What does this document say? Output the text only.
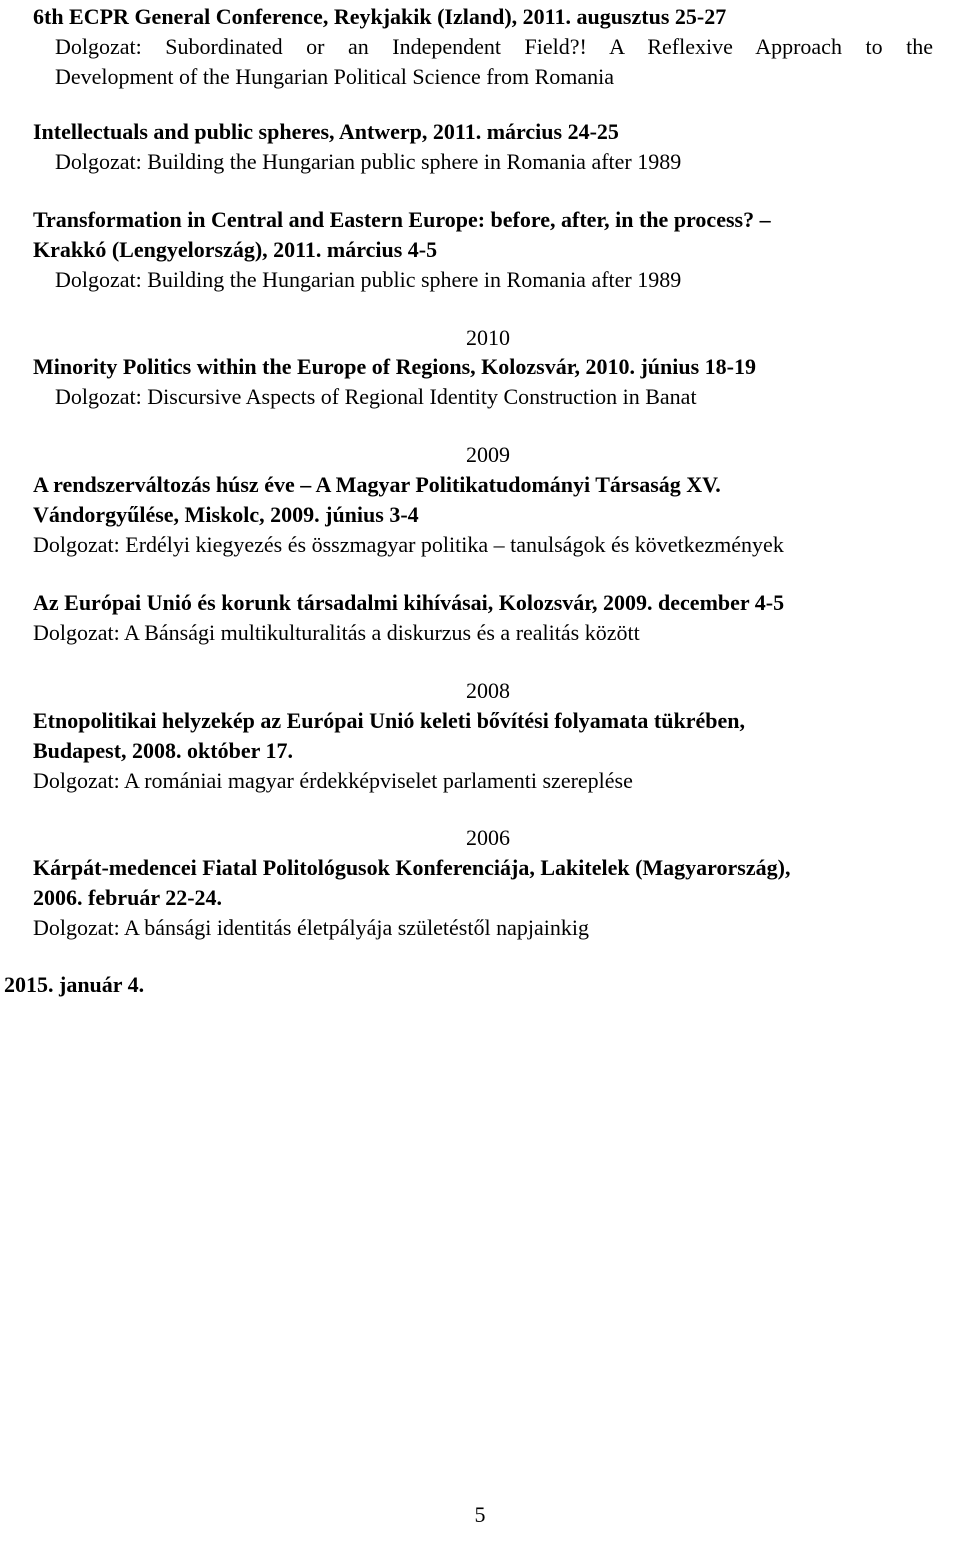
6th ECPR General Conference, Reykjakik (Izland), 2011. augusztus 25-27
Dolgozat: Subordinated or an Independent Field?! A Reflexive Approach to the
Development of the Hungarian Political Science from Romania
Intellectuals and public spheres, Antwerp, 2011. március 24-25
Dolgozat: Building the Hungarian public sphere in Romania after 1989
Transformation in Central and Eastern Europe: before, after, in the process? –
Krakkó (Lengyelország), 2011. március 4-5
Dolgozat: Building the Hungarian public sphere in Romania after 1989
2010
Minority Politics within the Europe of Regions, Kolozsvár, 2010. június 18-19
Dolgozat: Discursive Aspects of Regional Identity Construction in Banat
2009
A rendszerváltozás húsz éve – A Magyar Politikatudományi Társaság XV.
Vándorgyűlése, Miskolc, 2009. június 3-4
Dolgozat: Erdélyi kiegyezés és összmagyar politika – tanulságok és következmények
Az Európai Unió és korunk társadalmi kihívásai, Kolozsvár, 2009. december 4-5
Dolgozat: A Bánsági multikulturalitás a diskurzus és a realitás között
2008
Etnopolitikai helyzekép az Európai Unió keleti bővítési folyamata tükrében,
Budapest, 2008. október 17.
Dolgozat: A romániai magyar érdekképviselet parlamenti szereplése
2006
Kárpát-medencei Fiatal Politológusok Konferenciája, Lakitelek (Magyarország),
2006. február 22-24.
Dolgozat: A bánsági identitás életpályája születéstől napjainkig
2015. január 4.
5
